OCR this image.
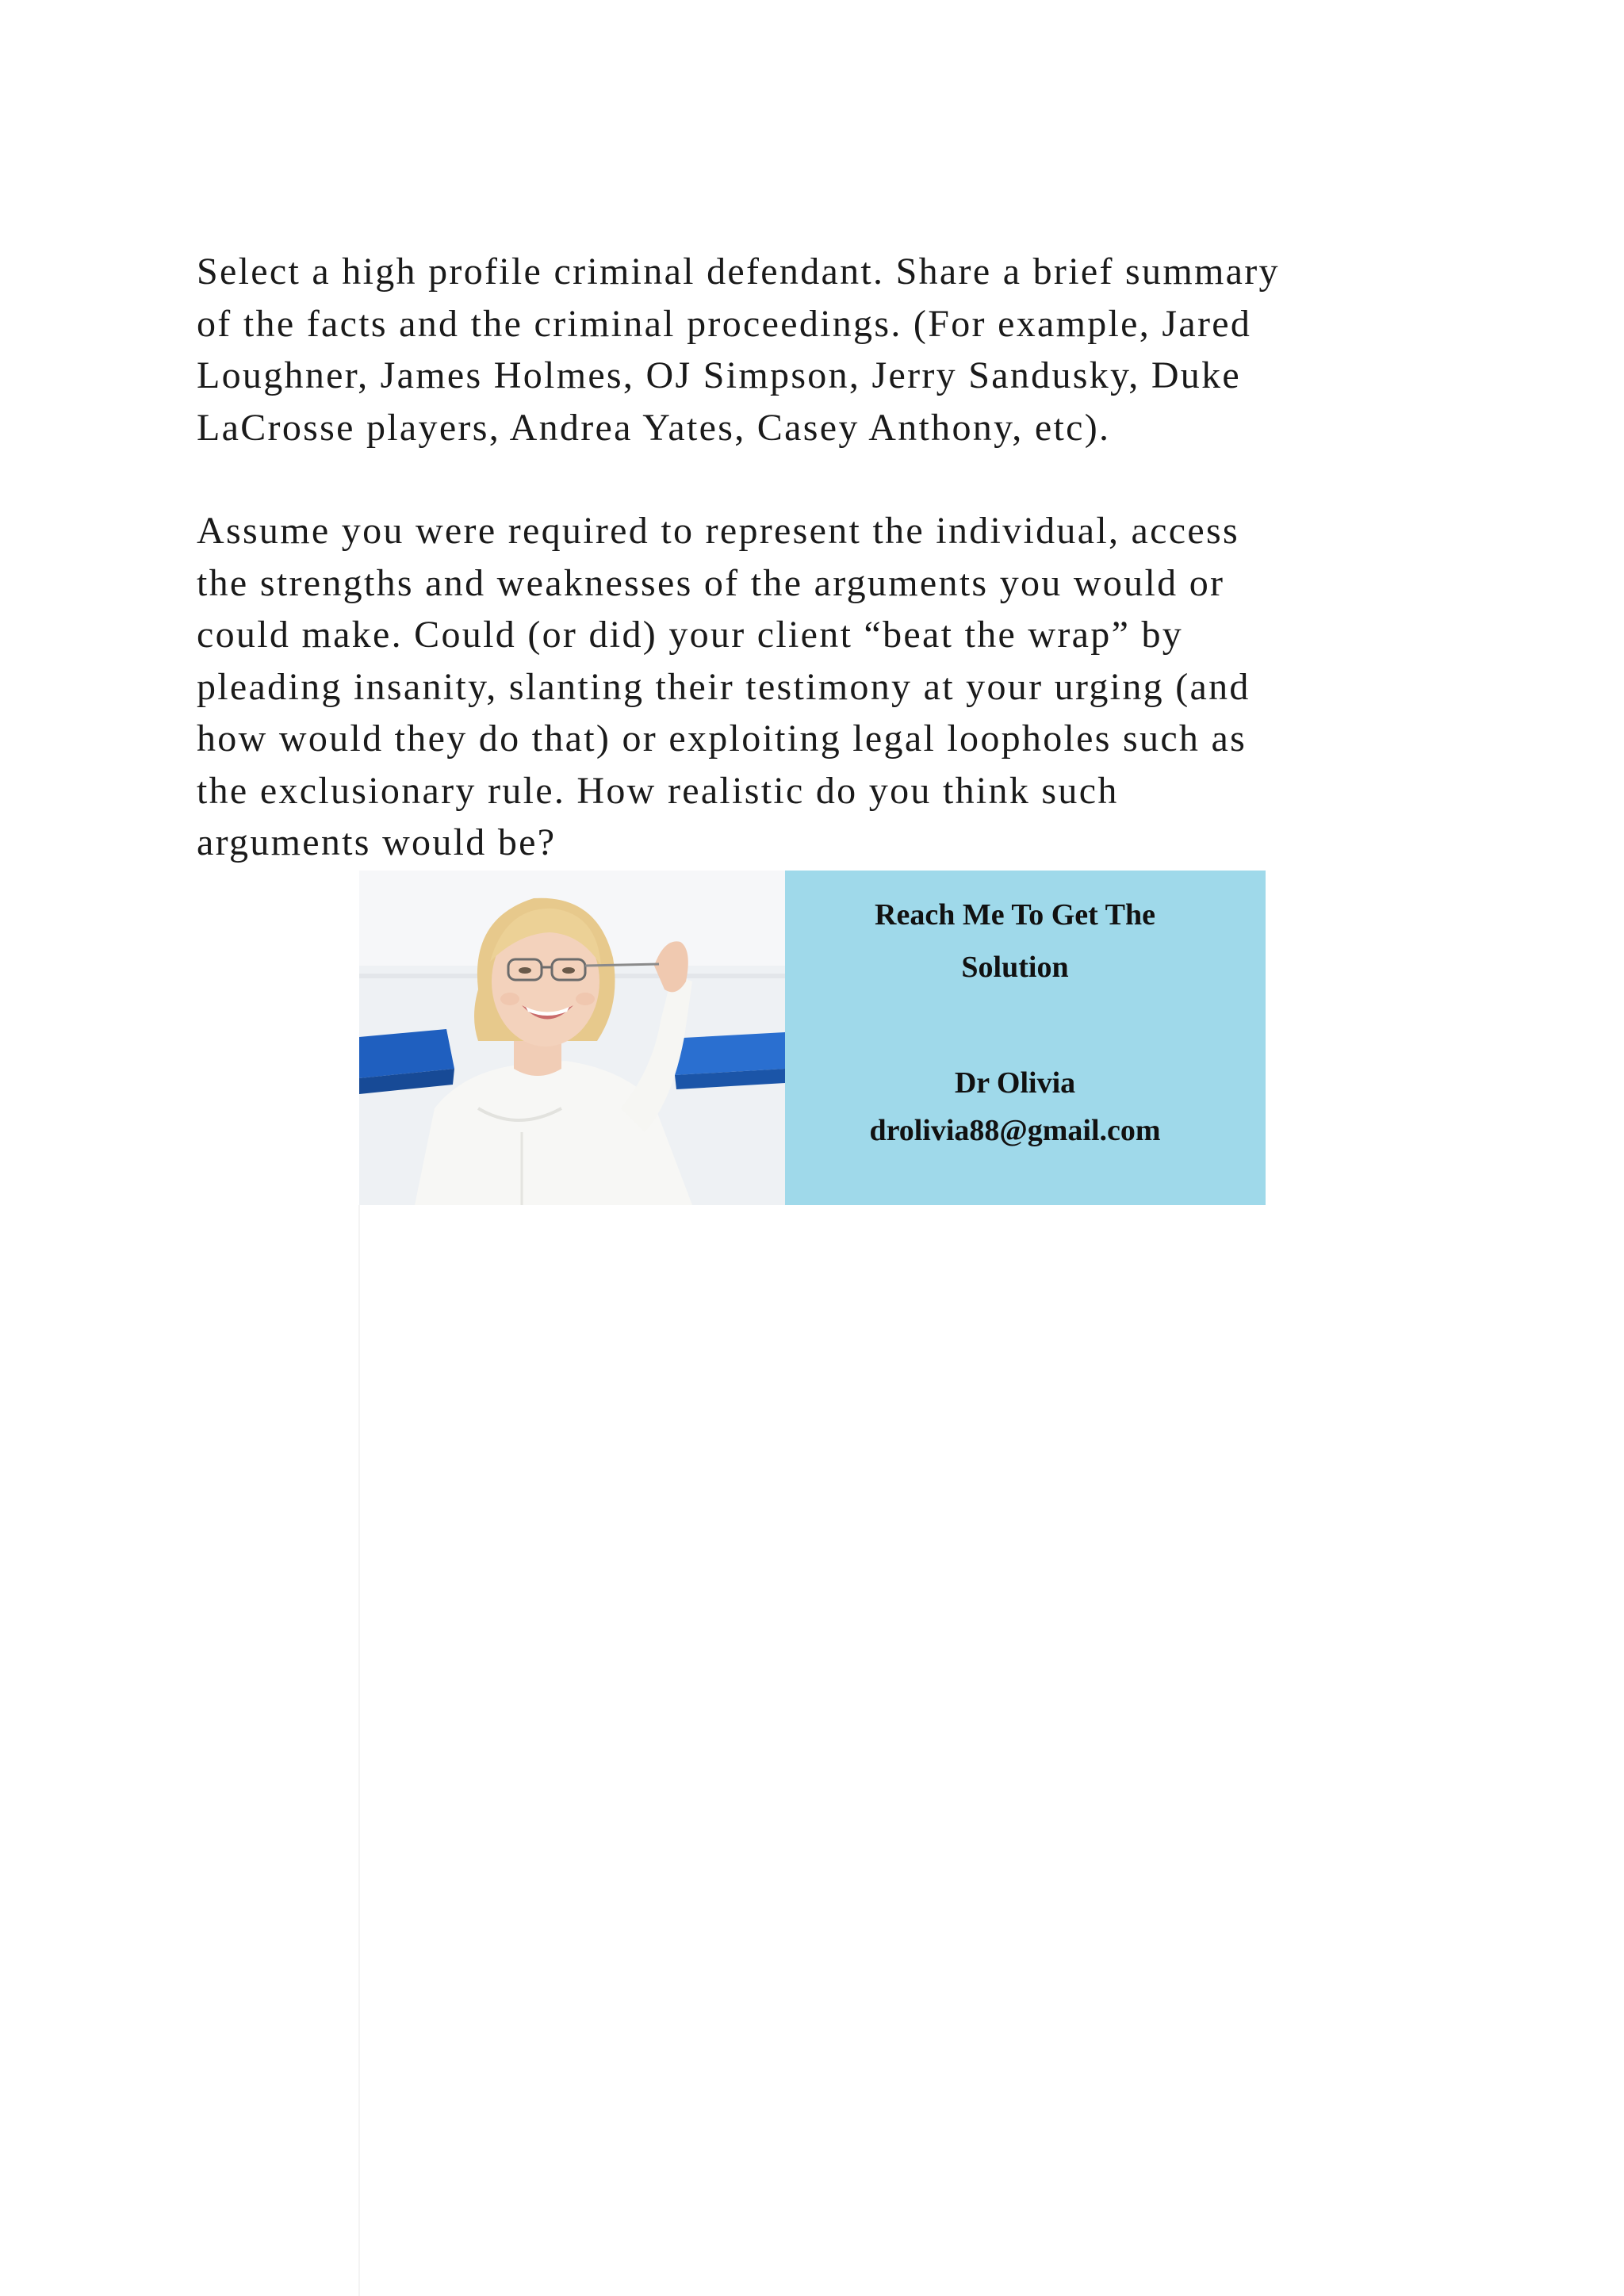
Select a high profile criminal defendant. Share a brief summary
of the facts and the criminal proceedings. (For example, Jared
Loughner, James Holmes, OJ Simpson, Jerry Sandusky, Duke
LaCrosse players, Andrea Yates, Casey Anthony, etc).
Assume you were required to represent the individual, access
the strengths and weaknesses of the arguments you would or
could make. Could (or did) your client “beat the wrap” by
pleading insanity, slanting their testimony at your urging (and
how would they do that) or exploiting legal loopholes such as
the exclusionary rule. How realistic do you think such
arguments would be?
Reach Me To Get The
Solution
Dr Olivia
drolivia88@gmail.com
